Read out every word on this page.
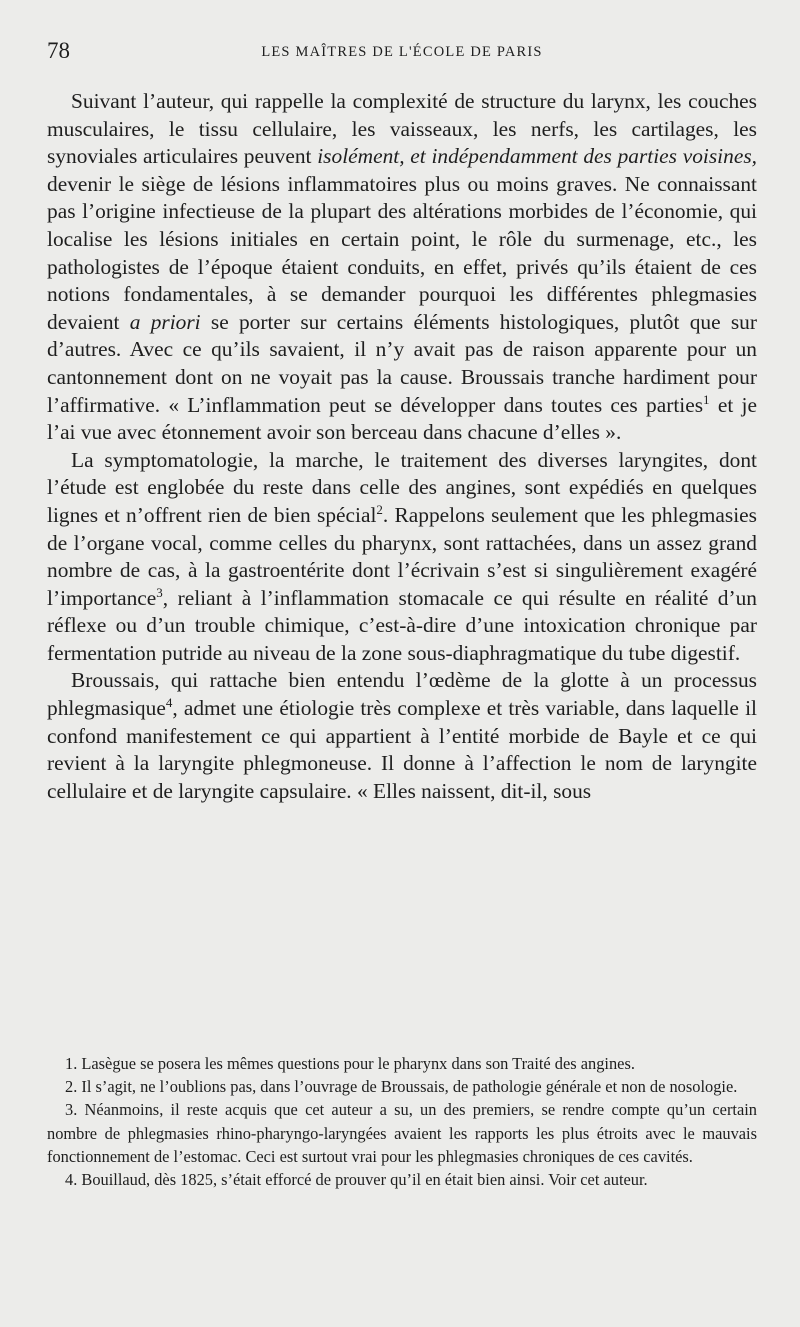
78	LES MAÎTRES DE L'ÉCOLE DE PARIS

Suivant l’auteur, qui rappelle la complexité de structure du larynx, les couches musculaires, le tissu cellulaire, les vaisseaux, les nerfs, les cartilages, les synoviales articulaires peuvent isolément, et indépendamment des parties voisines, devenir le siège de lésions inflammatoires plus ou moins graves. Ne connaissant pas l’origine infectieuse de la plupart des altérations morbides de l’économie, qui localise les lésions initiales en certain point, le rôle du surmenage, etc., les pathologistes de l’époque étaient conduits, en effet, privés qu’ils étaient de ces notions fondamentales, à se demander pourquoi les différentes phlegmasies devaient a priori se porter sur certains éléments histologiques, plutôt que sur d’autres. Avec ce qu’ils savaient, il n’y avait pas de raison apparente pour un cantonnement dont on ne voyait pas la cause. Broussais tranche hardiment pour l’affirmative. « L’inflammation peut se développer dans toutes ces parties$^1$ et je l’ai vue avec étonnement avoir son berceau dans chacune d’elles ».

La symptomatologie, la marche, le traitement des diverses laryngites, dont l’étude est englobée du reste dans celle des angines, sont expédiés en quelques lignes et n’offrent rien de bien spécial$^2$. Rappelons seulement que les phlegmasies de l’organe vocal, comme celles du pharynx, sont rattachées, dans un assez grand nombre de cas, à la gastroentérite dont l’écrivain s’est si singulièrement exagéré l’importance$^3$, reliant à l’inflammation stomacale ce qui résulte en réalité d’un réflexe ou d’un trouble chimique, c’est-à-dire d’une intoxication chronique par fermentation putride au niveau de la zone sous-diaphragmatique du tube digestif.

Broussais, qui rattache bien entendu l’œdème de la glotte à un processus phlegmasique$^4$, admet une étiologie très complexe et très variable, dans laquelle il confond manifestement ce qui appartient à l’entité morbide de Bayle et ce qui revient à la laryngite phlegmoneuse. Il donne à l’affection le nom de laryngite cellulaire et de laryngite capsulaire. « Elles naissent, dit-il, sous

1. Lasègue se posera les mêmes questions pour le pharynx dans son Traité des angines.

2. Il s’agit, ne l’oublions pas, dans l’ouvrage de Broussais, de pathologie générale et non de nosologie.

3. Néanmoins, il reste acquis que cet auteur a su, un des premiers, se rendre compte qu’un certain nombre de phlegmasies rhino-pharyngo-laryngées avaient les rapports les plus étroits avec le mauvais fonctionnement de l’estomac. Ceci est surtout vrai pour les phlegmasies chroniques de ces cavités.

4. Bouillaud, dès 1825, s’était efforcé de prouver qu’il en était bien ainsi. Voir cet auteur.
